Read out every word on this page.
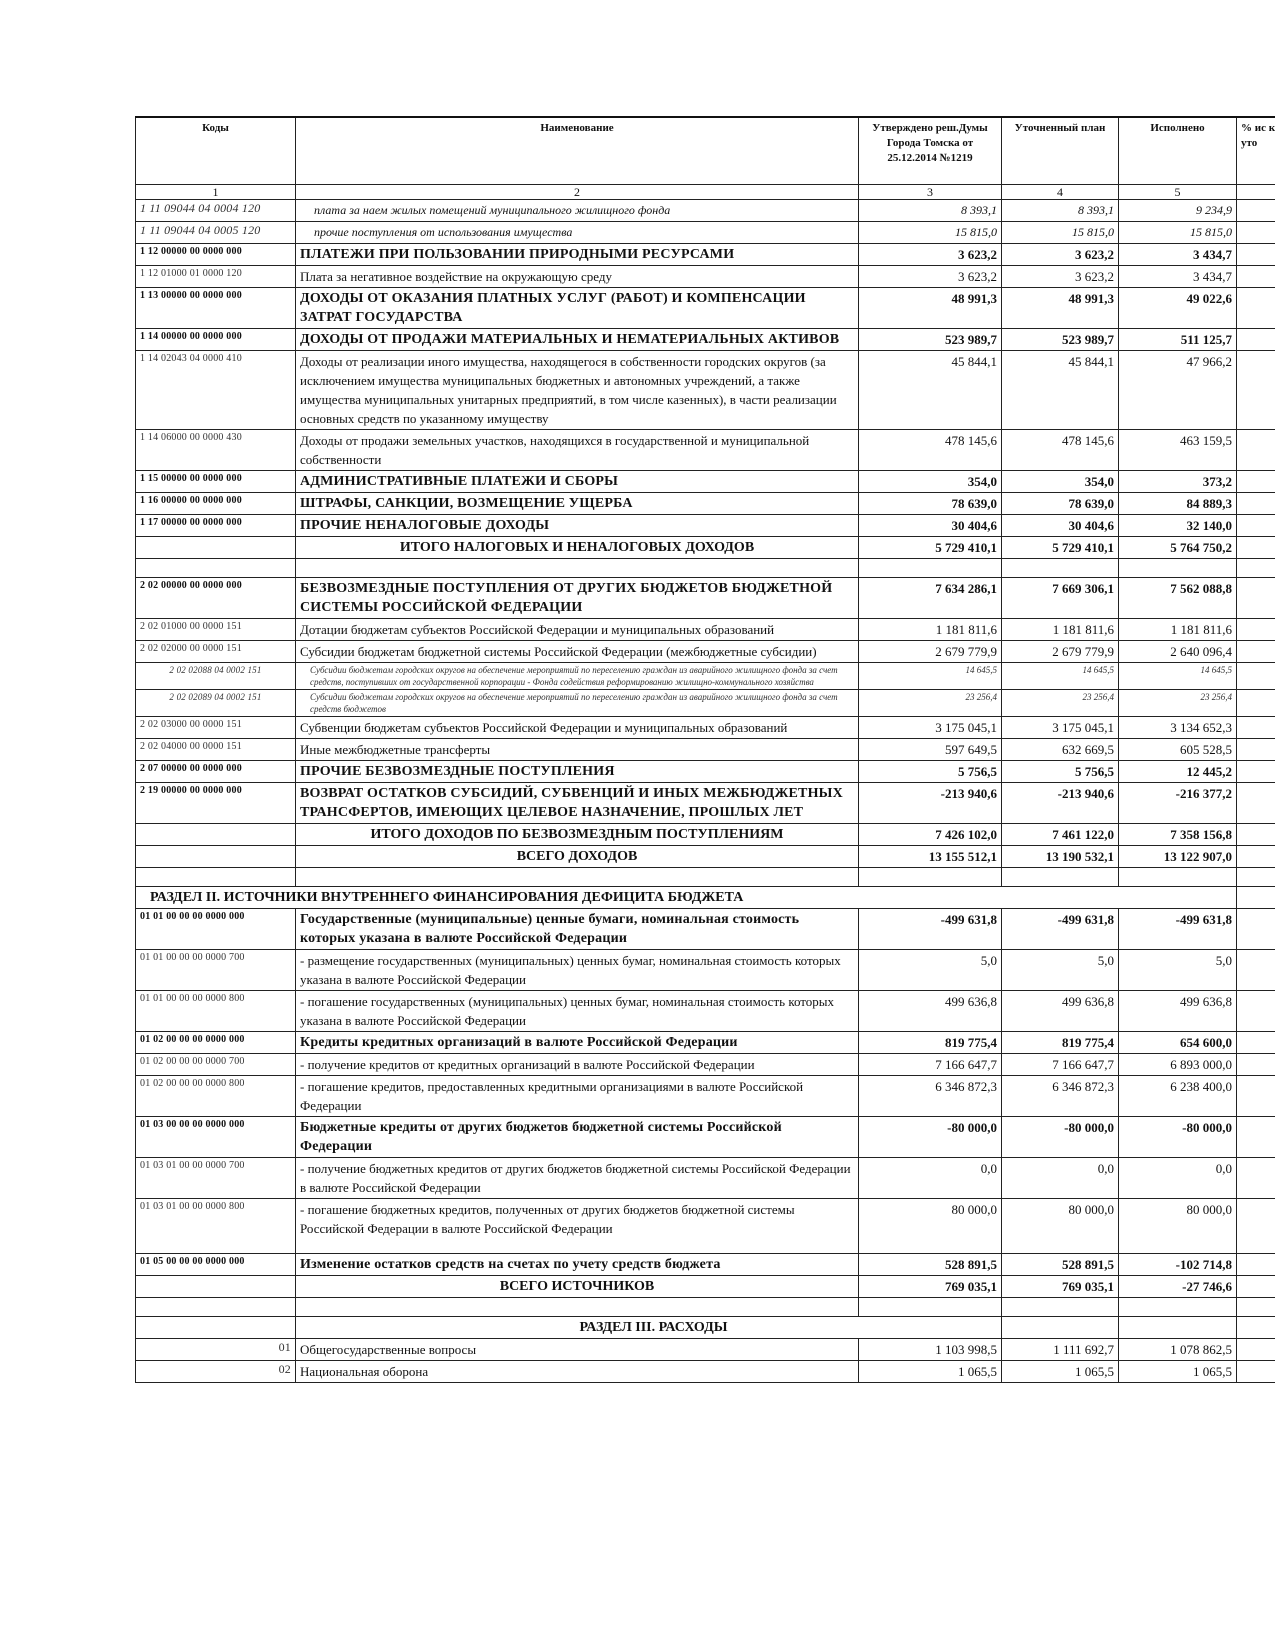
Коды	Наименование	Утверждено реш.Думы Города Томска от 25.12.2014 №1219	Уточненный план	Исполнено	% ис к уто
1	2	3	4	5	
1 11 09044 04 0004 120	плата за наем жилых помещений муниципального жилищного фонда	8 393,1	8 393,1	9 234,9	
1 11 09044 04 0005 120	прочие поступления от использования имущества	15 815,0	15 815,0	15 815,0	
1 12 00000 00 0000 000	ПЛАТЕЖИ ПРИ ПОЛЬЗОВАНИИ ПРИРОДНЫМИ РЕСУРСАМИ	3 623,2	3 623,2	3 434,7	
1 12 01000 01 0000 120	Плата за негативное воздействие на окружающую среду	3 623,2	3 623,2	3 434,7	
1 13 00000 00 0000 000	ДОХОДЫ ОТ ОКАЗАНИЯ ПЛАТНЫХ УСЛУГ (РАБОТ) И КОМПЕНСАЦИИ ЗАТРАТ ГОСУДАРСТВА	48 991,3	48 991,3	49 022,6	
1 14 00000 00 0000 000	ДОХОДЫ ОТ ПРОДАЖИ МАТЕРИАЛЬНЫХ И НЕМАТЕРИАЛЬНЫХ АКТИВОВ	523 989,7	523 989,7	511 125,7	
1 14 02043 04 0000 410	Доходы от реализации иного имущества, находящегося в собственности городских округов (за исключением имущества муниципальных бюджетных и автономных учреждений, а также имущества муниципальных унитарных предприятий, в том числе казенных), в части реализации основных средств по указанному имуществу	45 844,1	45 844,1	47 966,2	
1 14 06000 00 0000 430	Доходы от продажи земельных участков, находящихся в государственной и муниципальной собственности	478 145,6	478 145,6	463 159,5	
1 15 00000 00 0000 000	АДМИНИСТРАТИВНЫЕ ПЛАТЕЖИ И СБОРЫ	354,0	354,0	373,2	
1 16 00000 00 0000 000	ШТРАФЫ, САНКЦИИ, ВОЗМЕЩЕНИЕ УЩЕРБА	78 639,0	78 639,0	84 889,3	
1 17 00000 00 0000 000	ПРОЧИЕ НЕНАЛОГОВЫЕ ДОХОДЫ	30 404,6	30 404,6	32 140,0	
	ИТОГО НАЛОГОВЫХ И НЕНАЛОГОВЫХ ДОХОДОВ	5 729 410,1	5 729 410,1	5 764 750,2	

2 02 00000 00 0000 000	БЕЗВОЗМЕЗДНЫЕ ПОСТУПЛЕНИЯ ОТ ДРУГИХ БЮДЖЕТОВ БЮДЖЕТНОЙ СИСТЕМЫ РОССИЙСКОЙ ФЕДЕРАЦИИ	7 634 286,1	7 669 306,1	7 562 088,8	
2 02 01000 00 0000 151	Дотации бюджетам субъектов Российской Федерации и муниципальных образований	1 181 811,6	1 181 811,6	1 181 811,6	
2 02 02000 00 0000 151	Субсидии бюджетам бюджетной системы Российской Федерации (межбюджетные субсидии)	2 679 779,9	2 679 779,9	2 640 096,4	
2 02 02088 04 0002 151	Субсидии бюджетам городских округов на обеспечение мероприятий по переселению граждан из аварийного жилищного фонда за счет средств, поступивших от государственной корпорации - Фонда содействия реформированию жилищно-коммунального хозяйства	14 645,5	14 645,5	14 645,5	
2 02 02089 04 0002 151	Субсидии бюджетам городских округов на обеспечение мероприятий по переселению граждан из аварийного жилищного фонда за счет средств бюджетов	23 256,4	23 256,4	23 256,4	
2 02 03000 00 0000 151	Субвенции бюджетам субъектов Российской Федерации и муниципальных образований	3 175 045,1	3 175 045,1	3 134 652,3	
2 02 04000 00 0000 151	Иные межбюджетные трансферты	597 649,5	632 669,5	605 528,5	
2 07 00000 00 0000 000	ПРОЧИЕ БЕЗВОЗМЕЗДНЫЕ ПОСТУПЛЕНИЯ	5 756,5	5 756,5	12 445,2	
2 19 00000 00 0000 000	ВОЗВРАТ ОСТАТКОВ СУБСИДИЙ, СУБВЕНЦИЙ И ИНЫХ МЕЖБЮДЖЕТНЫХ ТРАНСФЕРТОВ, ИМЕЮЩИХ ЦЕЛЕВОЕ НАЗНАЧЕНИЕ, ПРОШЛЫХ ЛЕТ	-213 940,6	-213 940,6	-216 377,2	
	ИТОГО ДОХОДОВ ПО БЕЗВОЗМЕЗДНЫМ ПОСТУПЛЕНИЯМ	7 426 102,0	7 461 122,0	7 358 156,8	
	ВСЕГО ДОХОДОВ	13 155 512,1	13 190 532,1	13 122 907,0	

РАЗДЕЛ II. ИСТОЧНИКИ ВНУТРЕННЕГО ФИНАНСИРОВАНИЯ ДЕФИЦИТА БЮДЖЕТА					
01 01 00 00 00 0000 000	Государственные (муниципальные) ценные бумаги, номинальная стоимость которых указана в валюте Российской Федерации	-499 631,8	-499 631,8	-499 631,8	
01 01 00 00 00 0000 700	- размещение государственных (муниципальных) ценных бумаг, номинальная стоимость которых указана в валюте Российской Федерации	5,0	5,0	5,0	
01 01 00 00 00 0000 800	- погашение государственных (муниципальных) ценных бумаг, номинальная стоимость которых указана в валюте Российской Федерации	499 636,8	499 636,8	499 636,8	
01 02 00 00 00 0000 000	Кредиты кредитных организаций в валюте Российской Федерации	819 775,4	819 775,4	654 600,0	
01 02 00 00 00 0000 700	- получение кредитов от кредитных организаций в валюте Российской Федерации	7 166 647,7	7 166 647,7	6 893 000,0	
01 02 00 00 00 0000 800	- погашение кредитов, предоставленных кредитными организациями в валюте Российской Федерации	6 346 872,3	6 346 872,3	6 238 400,0	
01 03 00 00 00 0000 000	Бюджетные кредиты от других бюджетов бюджетной системы Российской Федерации	-80 000,0	-80 000,0	-80 000,0	
01 03 01 00 00 0000 700	- получение бюджетных кредитов от других бюджетов бюджетной системы Российской Федерации в валюте Российской Федерации	0,0	0,0	0,0	
01 03 01 00 00 0000 800	- погашение бюджетных кредитов, полученных от других бюджетов бюджетной системы Российской Федерации в валюте Российской Федерации	80 000,0	80 000,0	80 000,0	
01 05 00 00 00 0000 000	Изменение остатков средств на счетах по учету средств бюджета	528 891,5	528 891,5	-102 714,8	
	ВСЕГО ИСТОЧНИКОВ	769 035,1	769 035,1	-27 746,6	

	РАЗДЕЛ III. РАСХОДЫ				
01	Общегосударственные вопросы	1 103 998,5	1 111 692,7	1 078 862,5	
02	Национальная оборона	1 065,5	1 065,5	1 065,5	
